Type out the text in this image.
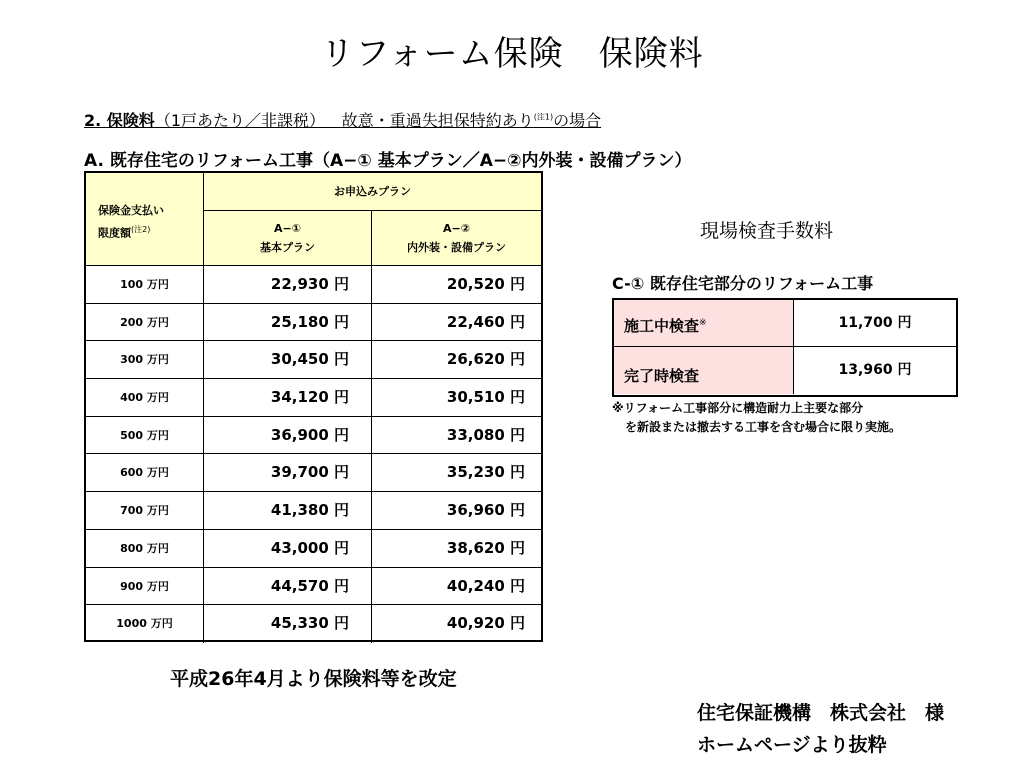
リフォーム保険　保険料
2. 保険料（1戸あたり／非課税） 故意・重過失担保特約あり$^{(注1)}$の場合
A. 既存住宅のリフォーム工事（A−① 基本プラン／A−②内外装・設備プラン）
保険金支払い
限度額$^{(注2)}$
お申込みプラン
A−①
基本プラン
A−②
内外装・設備プラン
100 万円	22,930 円	20,520 円
200 万円	25,180 円	22,460 円
300 万円	30,450 円	26,620 円
400 万円	34,120 円	30,510 円
500 万円	36,900 円	33,080 円
600 万円	39,700 円	35,230 円
700 万円	41,380 円	36,960 円
800 万円	43,000 円	38,620 円
900 万円	44,570 円	40,240 円
1000 万円	45,330 円	40,920 円
現場検査手数料
C-① 既存住宅部分のリフォーム工事
施工中検査※	11,700 円
完了時検査	13,960 円
※リフォーム工事部分に構造耐力上主要な部分
を新設または撤去する工事を含む場合に限り実施。
平成26年4月より保険料等を改定
住宅保証機構　株式会社　様
ホームページより抜粋
